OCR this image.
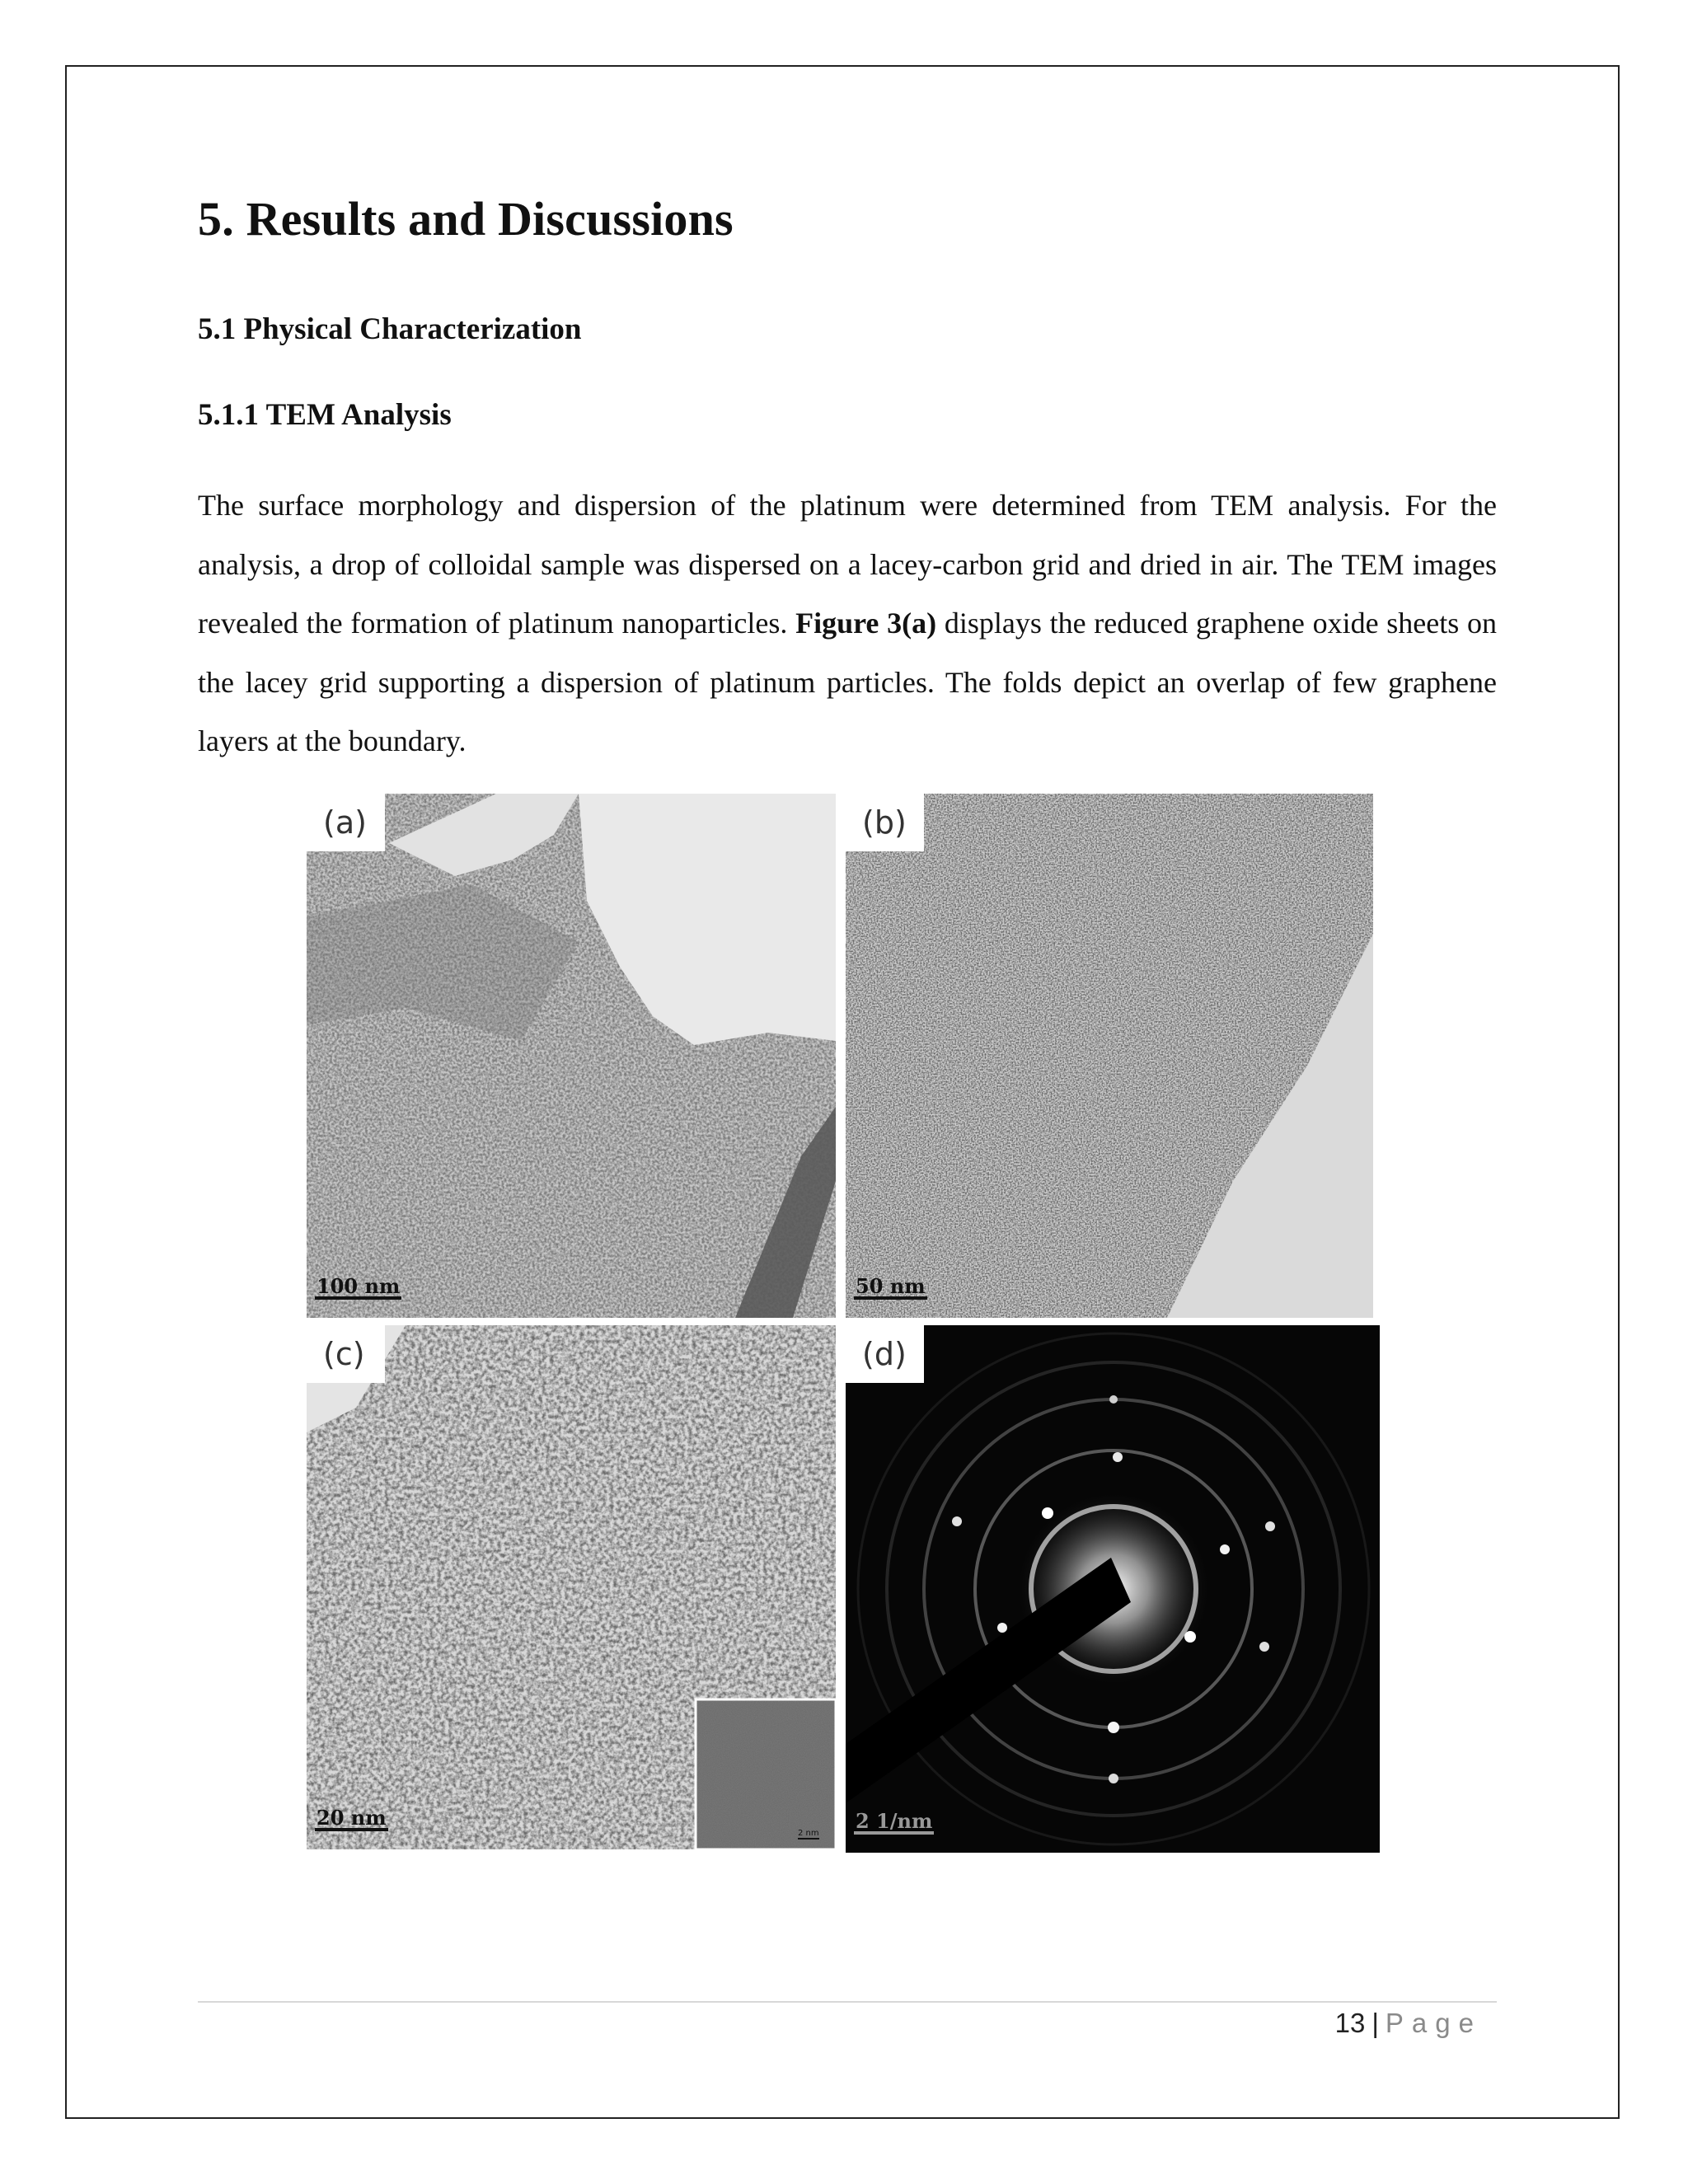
5. Results and Discussions
5.1 Physical Characterization
5.1.1 TEM Analysis

The surface morphology and dispersion of the platinum were determined from TEM analysis. For the analysis, a drop of colloidal sample was dispersed on a lacey-carbon grid and dried in air. The TEM images revealed the formation of platinum nanoparticles. Figure 3(a) displays the reduced graphene oxide sheets on the lacey grid supporting a dispersion of platinum particles. The folds depict an overlap of few graphene layers at the boundary.

(a)
100 nm
(b)
50 nm
(c)
20 nm
2 nm
(d)
2 1/nm
13 | Page
